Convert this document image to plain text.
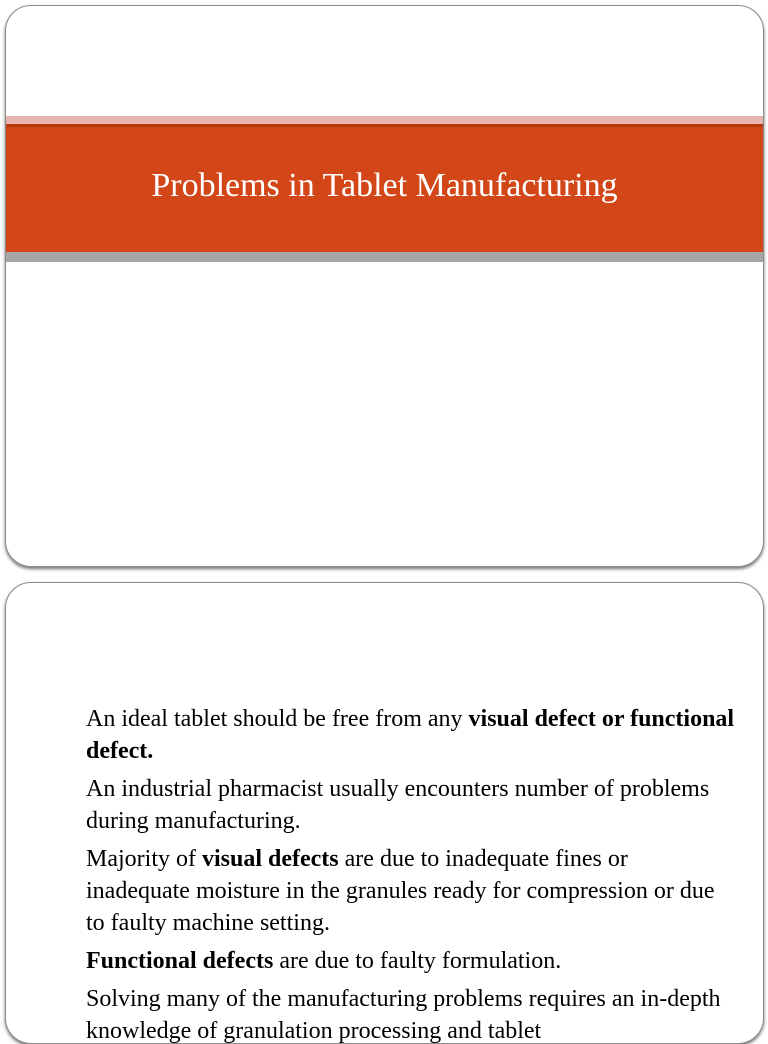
Problems in Tablet Manufacturing

An ideal tablet should be free from any visual defect or functional defect.

An industrial pharmacist usually encounters number of problems during manufacturing.

Majority of visual defects are due to inadequate fines or inadequate moisture in the granules ready for compression or due to faulty machine setting.

Functional defects are due to faulty formulation.

Solving many of the manufacturing problems requires an in-depth knowledge of granulation processing and tablet
